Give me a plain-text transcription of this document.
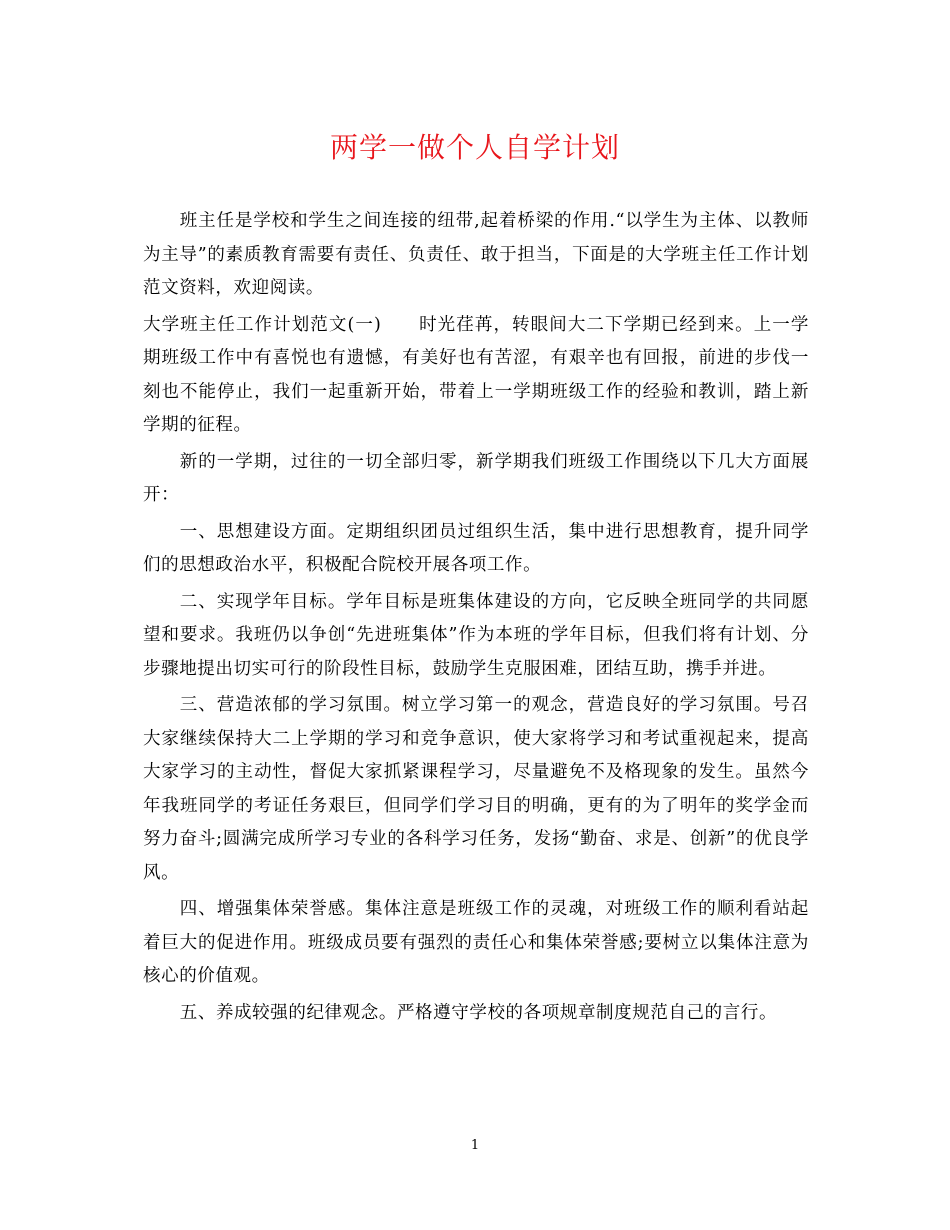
两学一做个人自学计划

班主任是学校和学生之间连接的纽带,起着桥梁的作用.“以学生为主体、以教师为主导”的素质教育需要有责任、负责任、敢于担当，下面是的大学班主任工作计划范文资料，欢迎阅读。

大学班主任工作计划范文(一)　　时光荏苒，转眼间大二下学期已经到来。上一学期班级工作中有喜悦也有遗憾，有美好也有苦涩，有艰辛也有回报，前进的步伐一刻也不能停止，我们一起重新开始，带着上一学期班级工作的经验和教训，踏上新学期的征程。

新的一学期，过往的一切全部归零，新学期我们班级工作围绕以下几大方面展开：

一、思想建设方面。定期组织团员过组织生活，集中进行思想教育，提升同学们的思想政治水平，积极配合院校开展各项工作。

二、实现学年目标。学年目标是班集体建设的方向，它反映全班同学的共同愿望和要求。我班仍以争创“先进班集体”作为本班的学年目标，但我们将有计划、分步骤地提出切实可行的阶段性目标，鼓励学生克服困难，团结互助，携手并进。

三、营造浓郁的学习氛围。树立学习第一的观念，营造良好的学习氛围。号召大家继续保持大二上学期的学习和竞争意识，使大家将学习和考试重视起来，提高大家学习的主动性，督促大家抓紧课程学习，尽量避免不及格现象的发生。虽然今年我班同学的考证任务艰巨，但同学们学习目的明确，更有的为了明年的奖学金而努力奋斗;圆满完成所学习专业的各科学习任务，发扬“勤奋、求是、创新”的优良学风。

四、增强集体荣誉感。集体注意是班级工作的灵魂，对班级工作的顺利看站起着巨大的促进作用。班级成员要有强烈的责任心和集体荣誉感;要树立以集体注意为核心的价值观。

五、养成较强的纪律观念。严格遵守学校的各项规章制度规范自己的言行。

1
